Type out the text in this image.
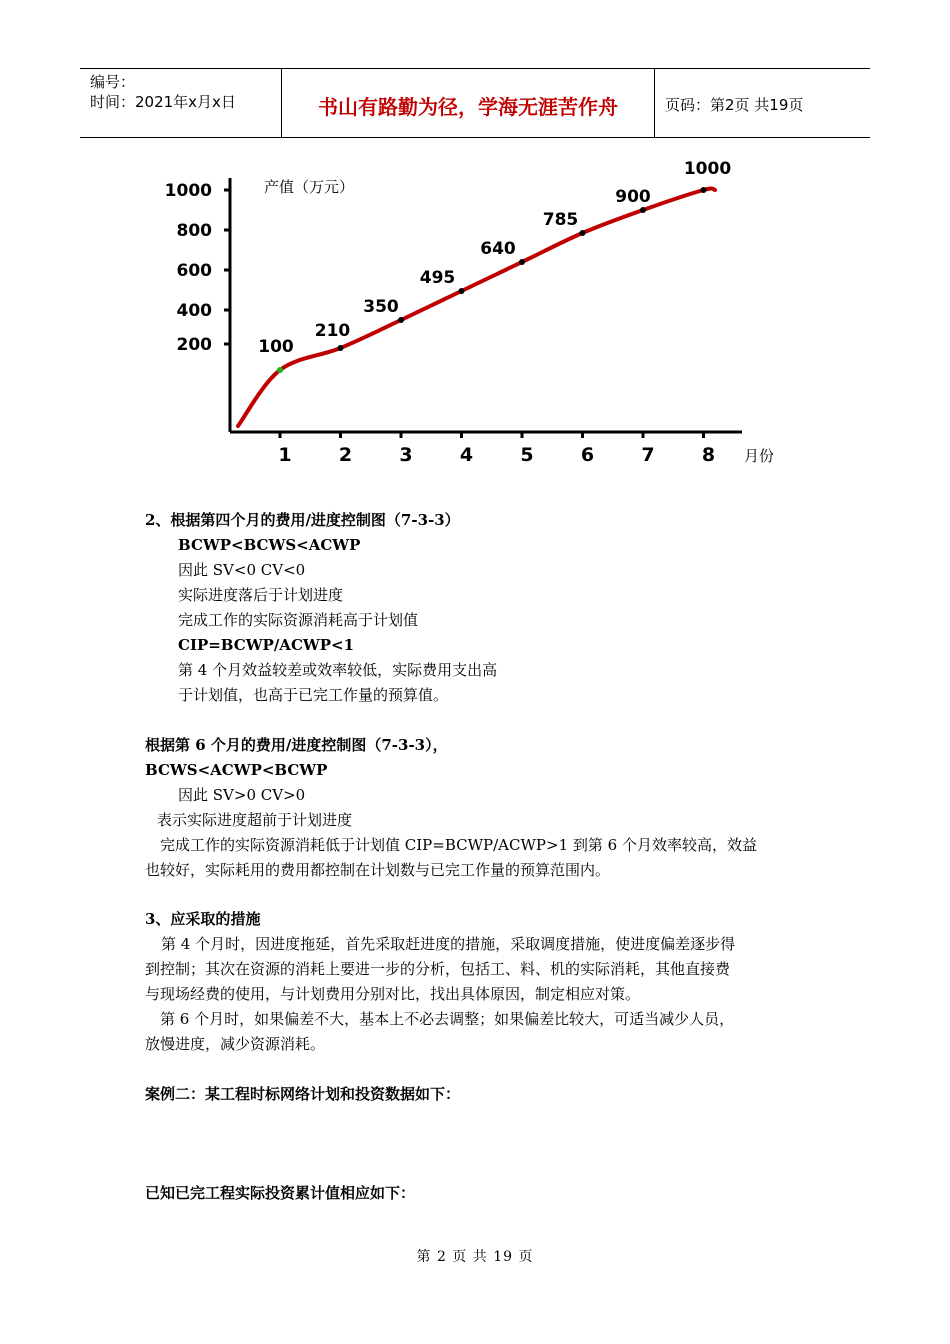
编号：
时间：2021年x月x日	书山有路勤为径，学海无涯苦作舟	页码：第2页 共19页
200
400
600
800
1000
1 2 3 4 5 6 7 8
产值（万元）
月份
100
210
350
495
640
785
900
1000
2、根据第四个月的费用/进度控制图（7-3-3）
BCWP<BCWS<ACWP
因此 SV<0 CV<0
实际进度落后于计划进度
完成工作的实际资源消耗高于计划值
CIP=BCWP/ACWP<1
第 4 个月效益较差或效率较低，实际费用支出高
于计划值，也高于已完工作量的预算值。
根据第 6 个月的费用/进度控制图（7-3-3），
BCWS<ACWP<BCWP
因此 SV>0 CV>0
表示实际进度超前于计划进度
完成工作的实际资源消耗低于计划值 CIP=BCWP/ACWP>1 到第 6 个月效率较高，效益
也较好，实际耗用的费用都控制在计划数与已完工作量的预算范围内。
3、应采取的措施
第 4 个月时，因进度拖延，首先采取赶进度的措施，采取调度措施，使进度偏差逐步得
到控制；其次在资源的消耗上要进一步的分析，包括工、料、机的实际消耗，其他直接费
与现场经费的使用，与计划费用分别对比，找出具体原因，制定相应对策。
第 6 个月时，如果偏差不大，基本上不必去调整；如果偏差比较大，可适当减少人员，
放慢进度，减少资源消耗。
案例二：某工程时标网络计划和投资数据如下：
已知已完工程实际投资累计值相应如下：
第 2 页 共 19 页
